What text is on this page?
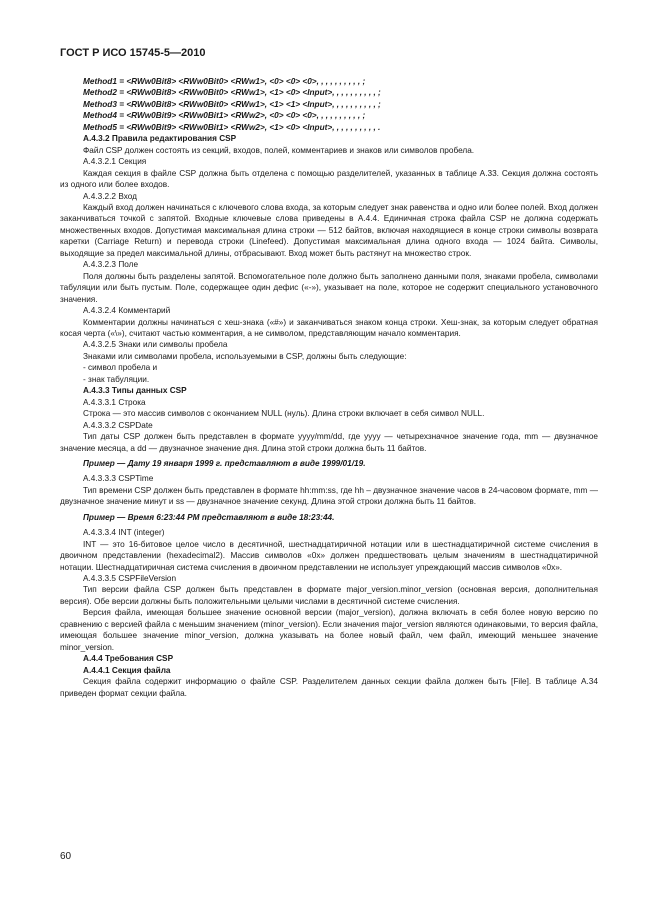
ГОСТ Р ИСО 15745-5—2010

Method1 = <RWw0Bit8> <RWw0Bit0> <RWw1>, <0> <0> <0>, , , , , , , , , , ;

Method2 = <RWw0Bit8> <RWw0Bit0> <RWw1>, <1> <0> <Input>, , , , , , , , , , ;

Method3 = <RWw0Bit8> <RWw0Bit0> <RWw1>, <1> <1> <Input>, , , , , , , , , , ;

Method4 = <RWw0Bit9> <RWw0Bit1> <RWw2>, <0> <0> <0>, , , , , , , , , , ;

Method5 = <RWw0Bit9> <RWw0Bit1> <RWw2>, <1> <0> <Input>, , , , , , , , , , .

A.4.3.2 Правила редактирования CSP

Файл CSP должен состоять из секций, входов, полей, комментариев и знаков или символов пробела.

A.4.3.2.1 Секция

Каждая секция в файле CSP должна быть отделена с помощью разделителей, указанных в таблице A.33. Секция должна состоять из одного или более входов.

A.4.3.2.2 Вход

Каждый вход должен начинаться с ключевого слова входа, за которым следует знак равенства и одно или более полей. Вход должен заканчиваться точкой с запятой. Входные ключевые слова приведены в A.4.4. Единичная строка файла CSP не должна содержать множественных входов. Допустимая максимальная длина строки — 512 байтов, включая находящиеся в конце строки символы возврата каретки (Carriage Return) и перевода строки (Linefeed). Допустимая максимальная длина одного входа — 1024 байта. Символы, выходящие за предел максимальной длины, отбрасывают. Вход может быть растянут на множество строк.

A.4.3.2.3 Поле

Поля должны быть разделены запятой. Вспомогательное поле должно быть заполнено данными поля, знаками пробела, символами табуляции или быть пустым. Поле, содержащее один дефис («-»), указывает на поле, которое не содержит специального установочного значения.

A.4.3.2.4 Комментарий

Комментарии должны начинаться с хеш-знака («#») и заканчиваться знаком конца строки. Хеш-знак, за которым следует обратная косая черта («\»), считают частью комментария, а не символом, представляющим начало комментария.

A.4.3.2.5 Знаки или символы пробела

Знаками или символами пробела, используемыми в CSP, должны быть следующие:

- символ пробела и

- знак табуляции.

A.4.3.3 Типы данных CSP

A.4.3.3.1 Строка

Строка — это массив символов с окончанием NULL (нуль). Длина строки включает в себя символ NULL.

A.4.3.3.2 CSPDate

Тип даты CSP должен быть представлен в формате yyyy/mm/dd, где yyyy — четырехзначное значение года, mm — двузначное значение месяца, а dd — двузначное значение дня. Длина этой строки должна быть 11 байтов.

Пример — Дату 19 января 1999 г. представляют в виде 1999/01/19.

A.4.3.3.3 CSPTime

Тип времени CSP должен быть представлен в формате hh:mm:ss, где hh – двузначное значение часов в 24-часовом формате, mm — двузначное значение минут и ss — двузначное значение секунд. Длина этой строки должна быть 11 байтов.

Пример — Время 6:23:44 PM представляют в виде 18:23:44.

A.4.3.3.4 INT (integer)

INT — это 16-битовое целое число в десятичной, шестнадцатиричной нотации или в шестнадцатиричной системе счисления в двоичном представлении (hexadecimal2). Массив символов «0x» должен предшествовать целым значениям в шестнадцатиричной нотации. Шестнадцатиричная система счисления в двоичном представлении не использует упреждающий массив символов «0x».

A.4.3.3.5 CSPFileVersion

Тип версии файла CSP должен быть представлен в формате major_version.minor_version (основная версия, дополнительная версия). Обе версии должны быть положительными целыми числами в десятичной системе счисления.

Версия файла, имеющая большее значение основной версии (major_version), должна включать в себя более новую версию по сравнению с версией файла с меньшим значением (minor_version). Если значения major_version являются одинаковыми, то версия файла, имеющая большее значение minor_version, должна указывать на более новый файл, чем файл, имеющий меньшее значение minor_version.

A.4.4 Требования CSP

A.4.4.1 Секция файла

Секция файла содержит информацию о файле CSP. Разделителем данных секции файла должен быть [File]. В таблице A.34 приведен формат секции файла.

60
